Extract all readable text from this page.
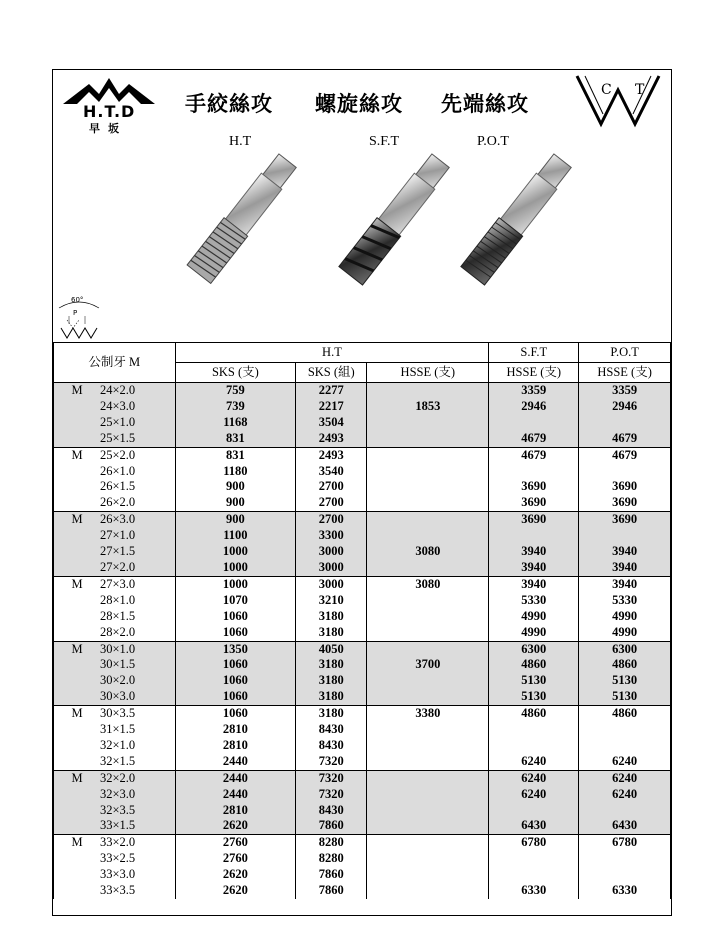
H.T.D
早坂
手絞絲攻 螺旋絲攻 先端絲攻
C T
H.T	S.F.T	P.O.T
60°
P
公制牙 M	H.T			S.F.T	P.O.T
	SKS (支)	SKS (組)	HSSE (支)	HSSE (支)	HSSE (支)
M 24×2.0	759	2277		3359	3359
24×3.0	739	2217	1853	2946	2946
25×1.0	1168	3504			
25×1.5	831	2493		4679	4679
M 25×2.0	831	2493		4679	4679
26×1.0	1180	3540			
26×1.5	900	2700		3690	3690
26×2.0	900	2700		3690	3690
M 26×3.0	900	2700		3690	3690
27×1.0	1100	3300			
27×1.5	1000	3000	3080	3940	3940
27×2.0	1000	3000		3940	3940
M 27×3.0	1000	3000	3080	3940	3940
28×1.0	1070	3210		5330	5330
28×1.5	1060	3180		4990	4990
28×2.0	1060	3180		4990	4990
M 30×1.0	1350	4050		6300	6300
30×1.5	1060	3180	3700	4860	4860
30×2.0	1060	3180		5130	5130
30×3.0	1060	3180		5130	5130
M 30×3.5	1060	3180	3380	4860	4860
31×1.5	2810	8430			
32×1.0	2810	8430			
32×1.5	2440	7320		6240	6240
M 32×2.0	2440	7320		6240	6240
32×3.0	2440	7320		6240	6240
32×3.5	2810	8430			
33×1.5	2620	7860		6430	6430
M 33×2.0	2760	8280		6780	6780
33×2.5	2760	8280			
33×3.0	2620	7860			
33×3.5	2620	7860		6330	6330
